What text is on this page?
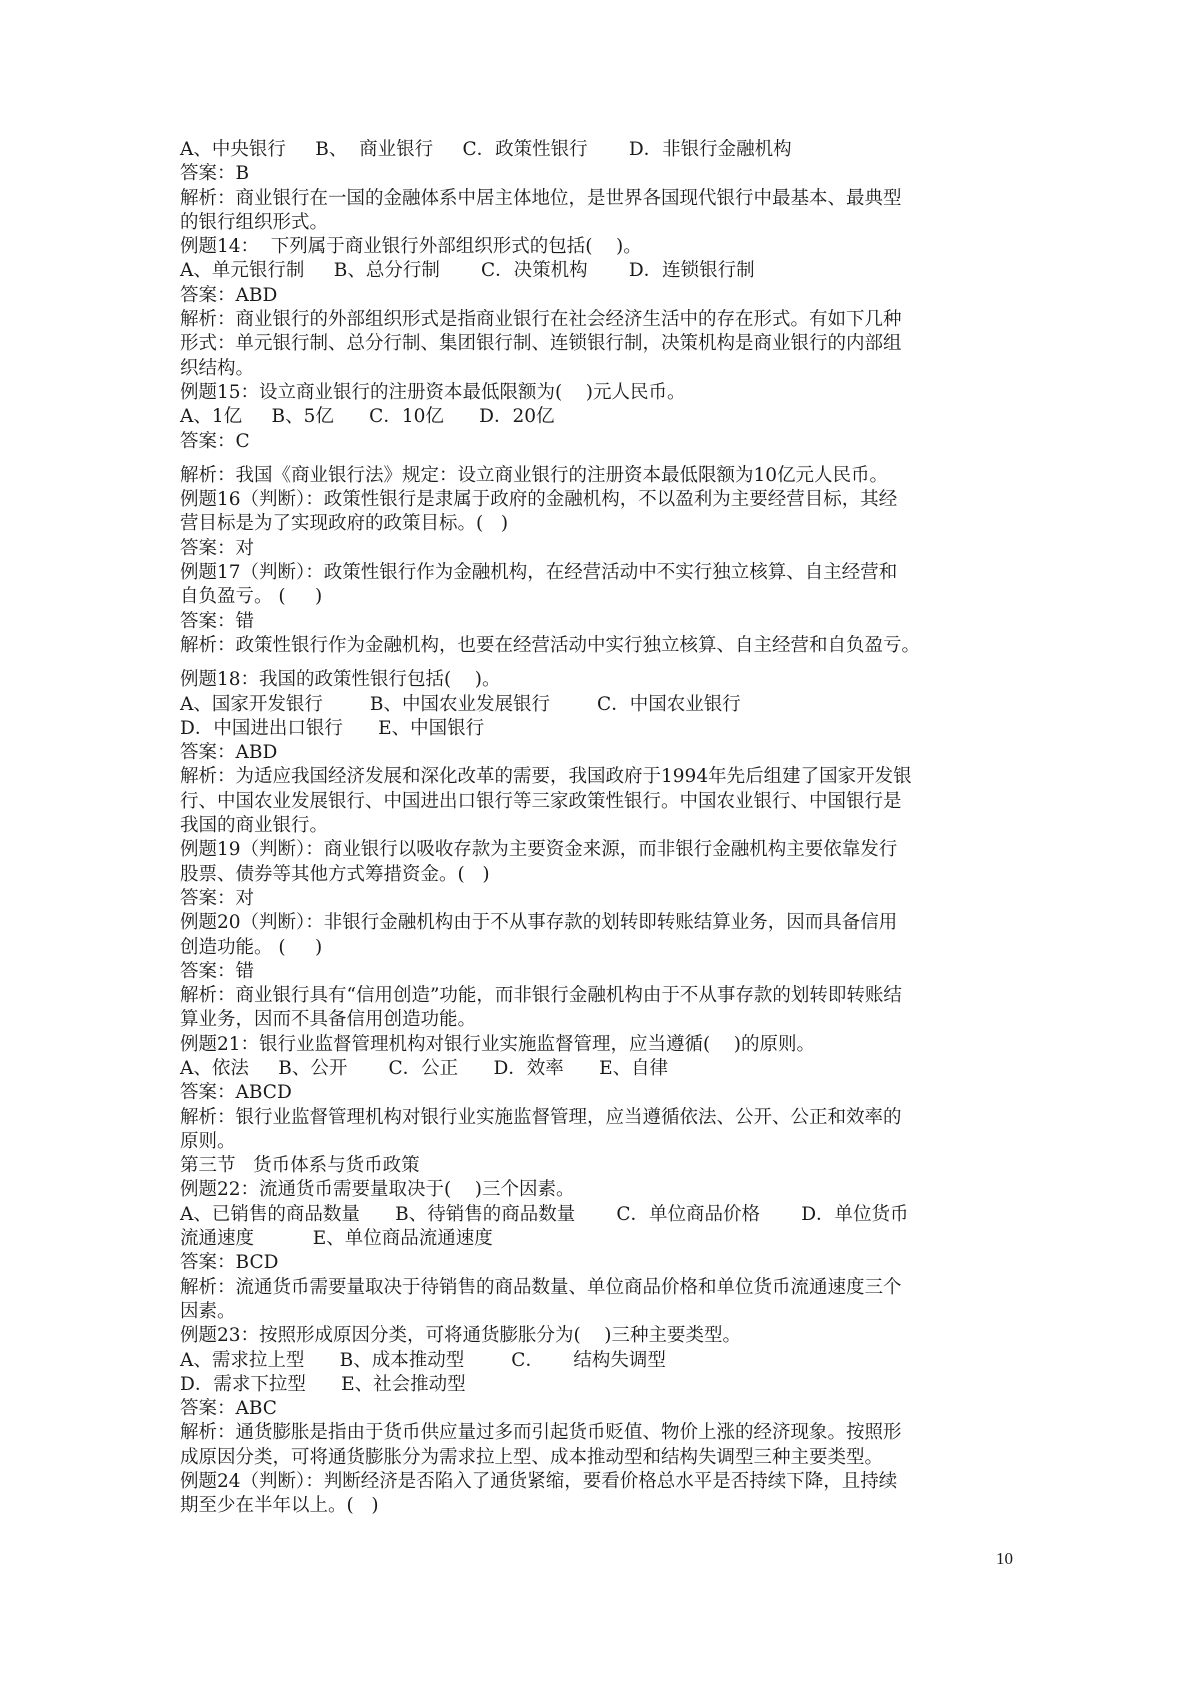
A、中央银行     B、  商业银行     C．政策性银行       D．非银行金融机构
答案：B
解析：商业银行在一国的金融体系中居主体地位，是世界各国现代银行中最基本、最典型
的银行组织形式。
例题14：  下列属于商业银行外部组织形式的包括(    )。
A、单元银行制     B、总分行制       C．决策机构       D．连锁银行制
答案：ABD
解析：商业银行的外部组织形式是指商业银行在社会经济生活中的存在形式。有如下几种
形式：单元银行制、总分行制、集团银行制、连锁银行制，决策机构是商业银行的内部组
织结构。
例题15：设立商业银行的注册资本最低限额为(    )元人民币。
A、1亿     B、5亿      C．10亿      D．20亿
答案：C
解析：我国《商业银行法》规定：设立商业银行的注册资本最低限额为10亿元人民币。
例题16（判断）：政策性银行是隶属于政府的金融机构，不以盈利为主要经营目标，其经
营目标是为了实现政府的政策目标。(   )
答案：对
例题17（判断）：政策性银行作为金融机构，在经营活动中不实行独立核算、自主经营和
自负盈亏。 (     )
答案：错
解析：政策性银行作为金融机构，也要在经营活动中实行独立核算、自主经营和自负盈亏。
例题18：我国的政策性银行包括(    )。
A、国家开发银行        B、中国农业发展银行        C．中国农业银行
D．中国进出口银行      E、中国银行
答案：ABD
解析：为适应我国经济发展和深化改革的需要，我国政府于1994年先后组建了国家开发银
行、中国农业发展银行、中国进出口银行等三家政策性银行。中国农业银行、中国银行是
我国的商业银行。
例题19（判断）：商业银行以吸收存款为主要资金来源，而非银行金融机构主要依靠发行
股票、债券等其他方式筹措资金。(   )
答案：对
例题20（判断）：非银行金融机构由于不从事存款的划转即转账结算业务，因而具备信用
创造功能。 (     )
答案：错
解析：商业银行具有“信用创造”功能，而非银行金融机构由于不从事存款的划转即转账结
算业务，因而不具备信用创造功能。
例题21：银行业监督管理机构对银行业实施监督管理，应当遵循(    )的原则。
A、依法     B、公开       C．公正      D．效率      E、自律
答案：ABCD
解析：银行业监督管理机构对银行业实施监督管理，应当遵循依法、公开、公正和效率的
原则。
第三节   货币体系与货币政策
例题22：流通货币需要量取决于(    )三个因素。
A、已销售的商品数量      B、待销售的商品数量       C．单位商品价格       D．单位货币
流通速度          E、单位商品流通速度
答案：BCD
解析：流通货币需要量取决于待销售的商品数量、单位商品价格和单位货币流通速度三个
因素。
例题23：按照形成原因分类，可将通货膨胀分为(    )三种主要类型。
A、需求拉上型      B、成本推动型        C．     结构失调型
D．需求下拉型      E、社会推动型
答案：ABC
解析：通货膨胀是指由于货币供应量过多而引起货币贬值、物价上涨的经济现象。按照形
成原因分类，可将通货膨胀分为需求拉上型、成本推动型和结构失调型三种主要类型。
例题24（判断）：判断经济是否陷入了通货紧缩，要看价格总水平是否持续下降，且持续
期至少在半年以上。(   )
10
